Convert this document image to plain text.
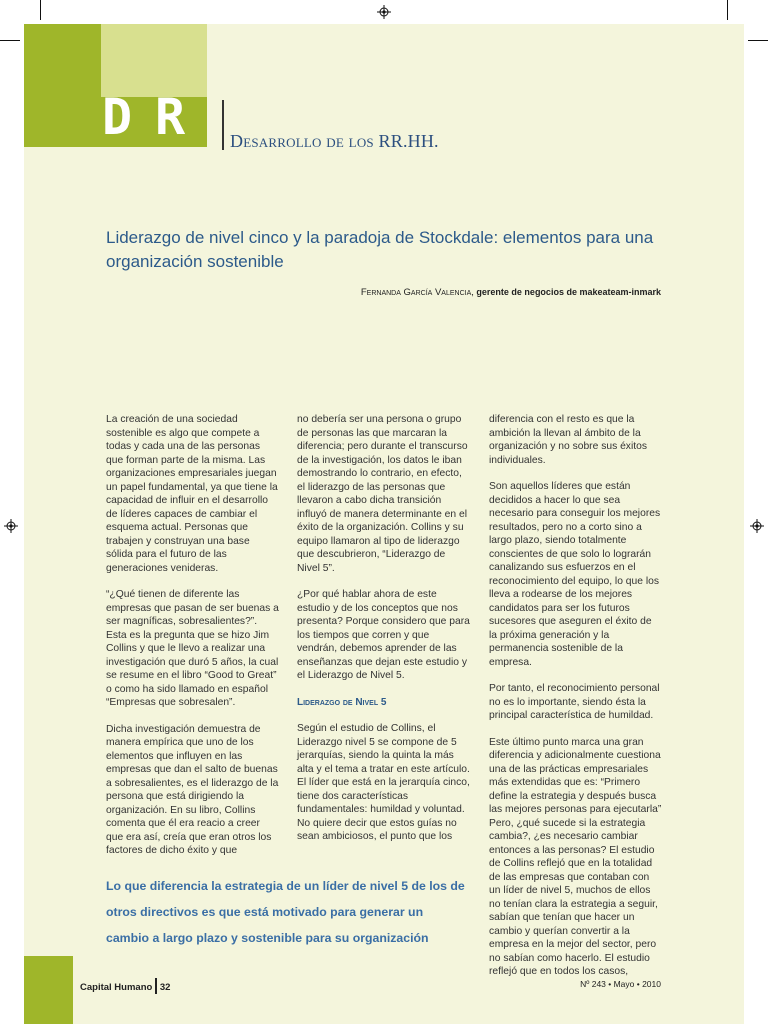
D R Desarrollo de los RR.HH.
Liderazgo de nivel cinco y la paradoja de Stockdale: elementos para una organización sostenible
Fernanda García Valencia, gerente de negocios de makeateam-inmark

La creación de una sociedad sostenible es algo que compete a todas y cada una de las personas que forman parte de la misma. Las organizaciones empresariales juegan un papel fundamental, ya que tiene la capacidad de influir en el desarrollo de líderes capaces de cambiar el esquema actual. Personas que trabajen y construyan una base sólida para el futuro de las generaciones venideras.

“¿Qué tienen de diferente las empresas que pasan de ser buenas a ser magníficas, sobresalientes?”. Esta es la pregunta que se hizo Jim Collins y que le llevo a realizar una investigación que duró 5 años, la cual se resume en el libro “Good to Great” o como ha sido llamado en español “Empresas que sobresalen”.

Dicha investigación demuestra de manera empírica que uno de los elementos que influyen en las empresas que dan el salto de buenas a sobresalientes, es el liderazgo de la persona que está dirigiendo la organización. En su libro, Collins comenta que él era reacio a creer que era así, creía que eran otros los factores de dicho éxito y que

no debería ser una persona o grupo de personas las que marcaran la diferencia; pero durante el transcurso de la investigación, los datos le iban demostrando lo contrario, en efecto, el liderazgo de las personas que llevaron a cabo dicha transición influyó de manera determinante en el éxito de la organización. Collins y su equipo llamaron al tipo de liderazgo que descubrieron, “Liderazgo de Nivel 5”.

¿Por qué hablar ahora de este estudio y de los conceptos que nos presenta? Porque considero que para los tiempos que corren y que vendrán, debemos aprender de las enseñanzas que dejan este estudio y el Liderazgo de Nivel 5.

Liderazgo de Nivel 5

Según el estudio de Collins, el Liderazgo nivel 5 se compone de 5 jerarquías, siendo la quinta la más alta y el tema a tratar en este artículo. El líder que está en la jerarquía cinco, tiene dos características fundamentales: humildad y voluntad. No quiere decir que estos guías no sean ambiciosos, el punto que los

diferencia con el resto es que la ambición la llevan al ámbito de la organización y no sobre sus éxitos individuales.

Son aquellos líderes que están decididos a hacer lo que sea necesario para conseguir los mejores resultados, pero no a corto sino a largo plazo, siendo totalmente conscientes de que solo lo lograrán canalizando sus esfuerzos en el reconocimiento del equipo, lo que los lleva a rodearse de los mejores candidatos para ser los futuros sucesores que aseguren el éxito de la próxima generación y la permanencia sostenible de la empresa.

Por tanto, el reconocimiento personal no es lo importante, siendo ésta la principal característica de humildad.

Este último punto marca una gran diferencia y adicionalmente cuestiona una de las prácticas empresariales más extendidas que es: “Primero define la estrategia y después busca las mejores personas para ejecutarla” Pero, ¿qué sucede si la estrategia cambia?, ¿es necesario cambiar entonces a las personas? El estudio de Collins reflejó que en la totalidad de las empresas que contaban con un líder de nivel 5, muchos de ellos no tenían clara la estrategia a seguir, sabían que tenían que hacer un cambio y querían convertir a la empresa en la mejor del sector, pero no sabían como hacerlo. El estudio reflejó que en todos los casos,

Lo que diferencia la estrategia de un líder de nivel 5 de los de otros directivos es que está motivado para generar un cambio a largo plazo y sostenible para su organización
Capital Humano 32	Nº 243 • Mayo • 2010
